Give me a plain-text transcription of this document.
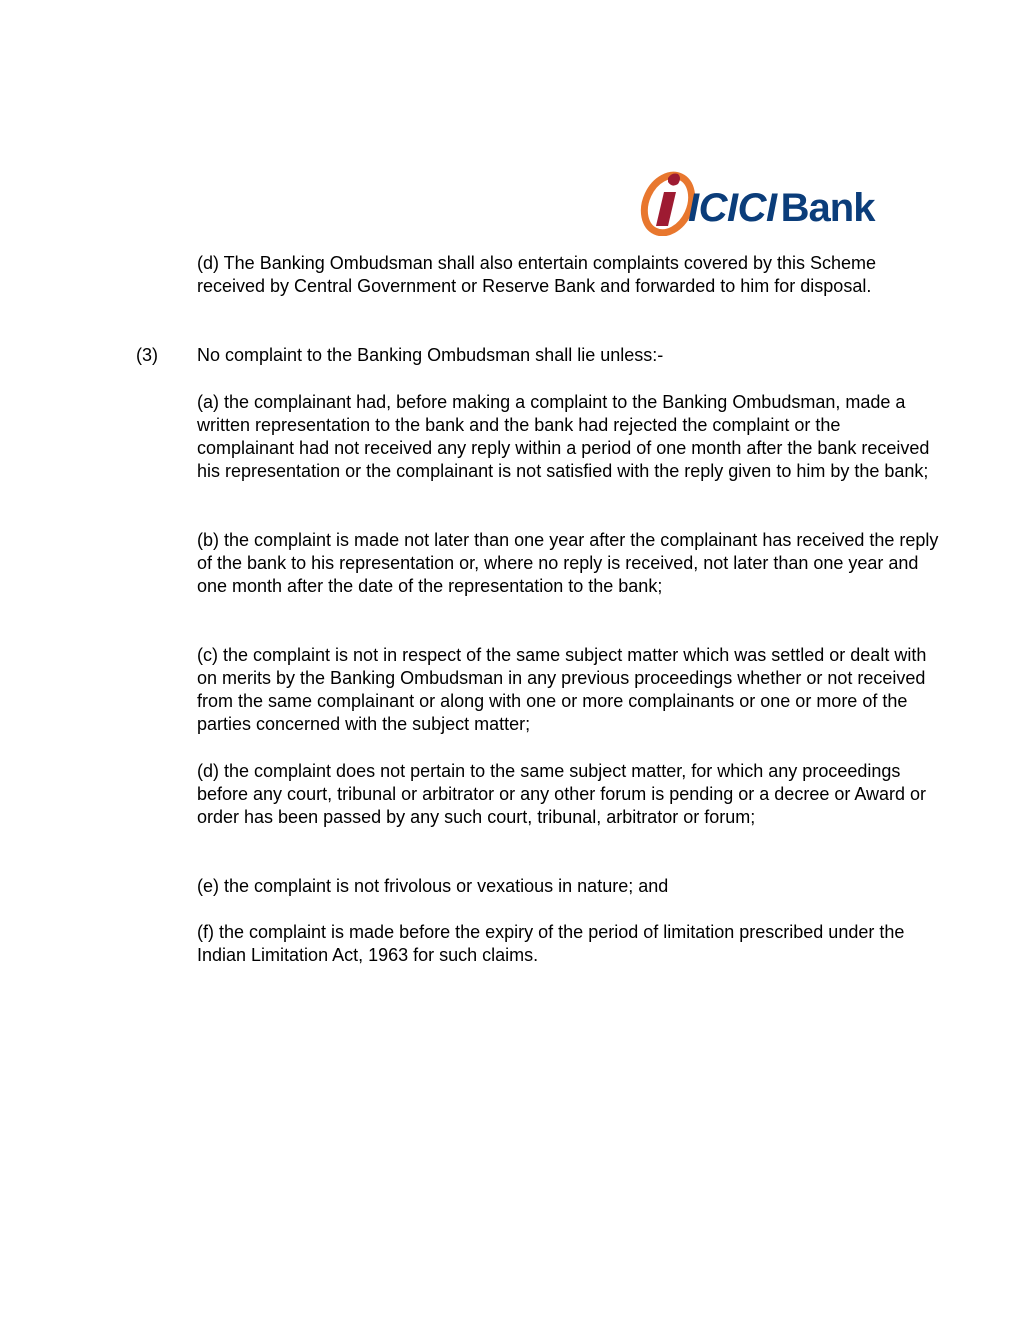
ICICI Bank

(d) The Banking Ombudsman shall also entertain complaints covered by this Scheme received by Central Government or Reserve Bank and forwarded to him for disposal.

(3) No complaint to the Banking Ombudsman shall lie unless:-

(a) the complainant had, before making a complaint to the Banking Ombudsman, made a written representation to the bank and the bank had rejected the complaint or the complainant had not received any reply within a period of one month after the bank received his representation or the complainant is not satisfied with the reply given to him by the bank;

(b) the complaint is made not later than one year after the complainant has received the reply of the bank to his representation or, where no reply is received, not later than one year and one month after the date of the representation to the bank;

(c) the complaint is not in respect of the same subject matter which was settled or dealt with on merits by the Banking Ombudsman in any previous proceedings whether or not received from the same complainant or along with one or more complainants or one or more of the parties concerned with the subject matter;

(d) the complaint does not pertain to the same subject matter, for which any proceedings before any court, tribunal or arbitrator or any other forum is pending or a decree or Award or order has been passed by any such court, tribunal, arbitrator or forum;

(e) the complaint is not frivolous or vexatious in nature; and

(f) the complaint is made before the expiry of the period of limitation prescribed under the Indian Limitation Act, 1963 for such claims.
